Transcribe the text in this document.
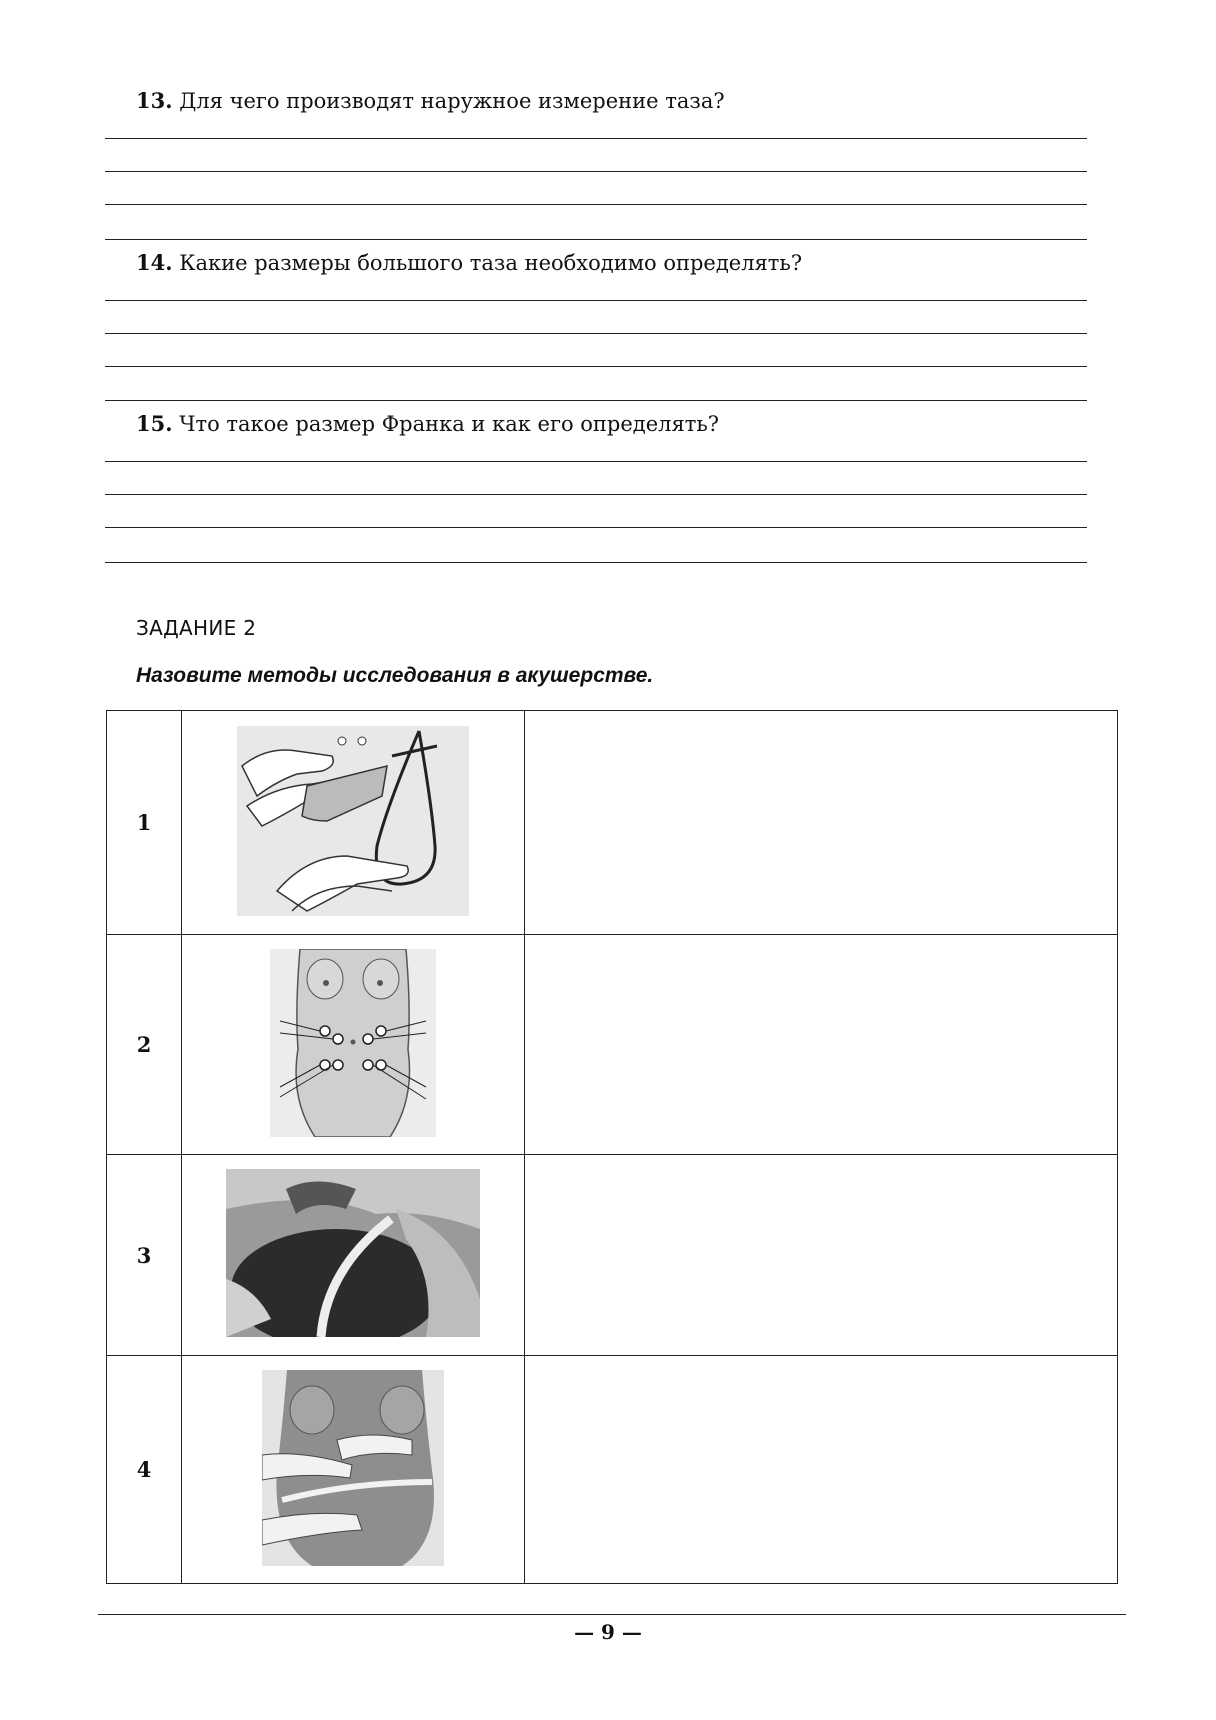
13. Для чего производят наружное измерение таза?
14. Какие размеры большого таза необходимо определять?
15. Что такое размер Франка и как его определять?
ЗАДАНИЕ 2
Назовите методы исследования в акушерстве.
1		
2		
3		
4		
— 9 —
